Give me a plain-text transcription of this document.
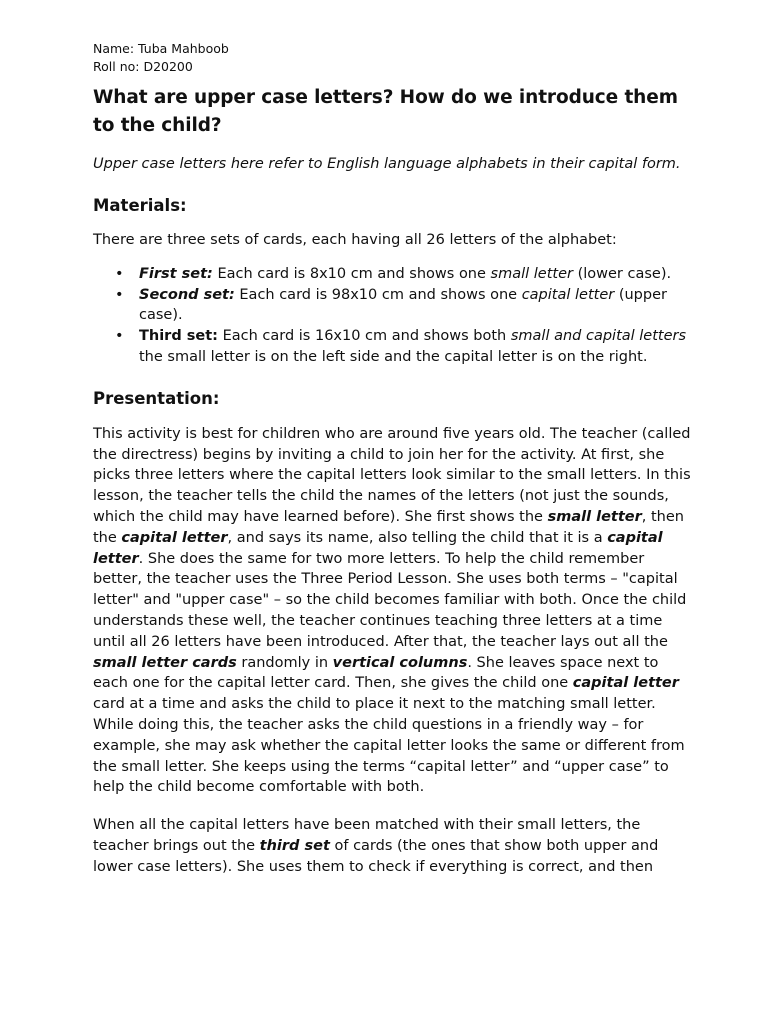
Name: Tuba Mahboob

Roll no: D20200

What are upper case letters? How do we introduce them to the child?

Upper case letters here refer to English language alphabets in their capital form.

Materials:

There are three sets of cards, each having all 26 letters of the alphabet:

• First set: Each card is 8x10 cm and shows one small letter (lower case).
• Second set: Each card is 98x10 cm and shows one capital letter (upper case).
• Third set: Each card is 16x10 cm and shows both small and capital letters the small letter is on the left side and the capital letter is on the right.
Presentation:

This activity is best for children who are around five years old. The teacher (called the directress) begins by inviting a child to join her for the activity. At first, she picks three letters where the capital letters look similar to the small letters. In this lesson, the teacher tells the child the names of the letters (not just the sounds, which the child may have learned before). She first shows the small letter, then the capital letter, and says its name, also telling the child that it is a capital letter. She does the same for two more letters. To help the child remember better, the teacher uses the Three Period Lesson. She uses both terms – "capital letter" and "upper case" – so the child becomes familiar with both. Once the child understands these well, the teacher continues teaching three letters at a time until all 26 letters have been introduced. After that, the teacher lays out all the small letter cards randomly in vertical columns. She leaves space next to each one for the capital letter card. Then, she gives the child one capital letter card at a time and asks the child to place it next to the matching small letter. While doing this, the teacher asks the child questions in a friendly way – for example, she may ask whether the capital letter looks the same or different from the small letter. She keeps using the terms “capital letter” and “upper case” to help the child become comfortable with both.

When all the capital letters have been matched with their small letters, the teacher brings out the third set of cards (the ones that show both upper and lower case letters). She uses them to check if everything is correct, and then
